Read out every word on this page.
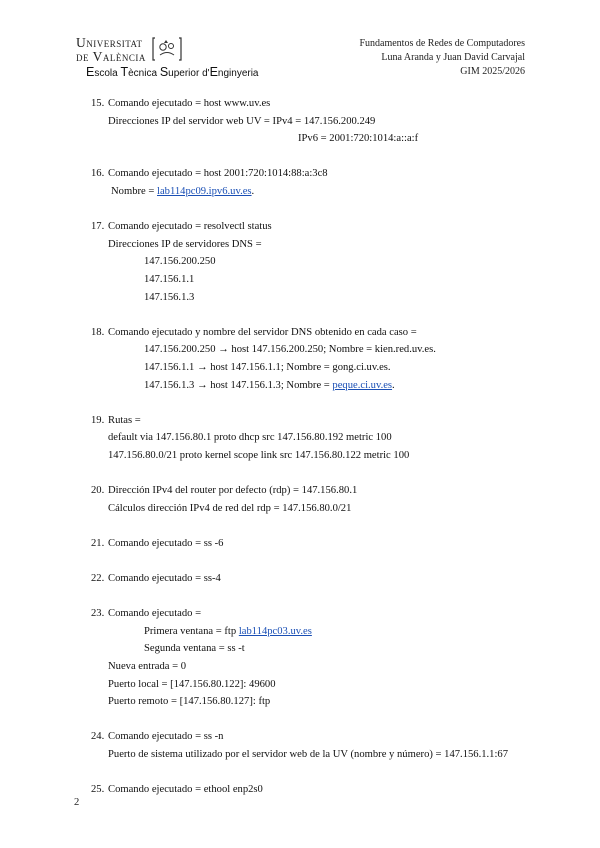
Universitat
de València
Escola Tècnica Superior d'Enginyeria
Fundamentos de Redes de Computadores
Luna Aranda y Juan David Carvajal
GIM 2025/2026
15. Comando ejecutado = host www.uv.es
Direcciones IP del servidor web UV = IPv4 = 147.156.200.249
IPv6 = 2001:720:1014:a::a:f
16. Comando ejecutado = host 2001:720:1014:88:a:3c8
Nombre = lab114pc09.ipv6.uv.es.
17. Comando ejecutado = resolvectl status
Direcciones IP de servidores DNS =
147.156.200.250
147.156.1.1
147.156.1.3
18. Comando ejecutado y nombre del servidor DNS obtenido en cada caso =
147.156.200.250 → host 147.156.200.250; Nombre = kien.red.uv.es.
147.156.1.1 → host 147.156.1.1; Nombre = gong.ci.uv.es.
147.156.1.3 → host 147.156.1.3; Nombre = peque.ci.uv.es.
19. Rutas =
default via 147.156.80.1 proto dhcp src 147.156.80.192 metric 100
147.156.80.0/21 proto kernel scope link src 147.156.80.122 metric 100
20. Dirección IPv4 del router por defecto (rdp) = 147.156.80.1
Cálculos dirección IPv4 de red del rdp = 147.156.80.0/21
21. Comando ejecutado = ss -6
22. Comando ejecutado = ss-4
23. Comando ejecutado =
Primera ventana = ftp lab114pc03.uv.es
Segunda ventana = ss -t
Nueva entrada = 0
Puerto local = [147.156.80.122]: 49600
Puerto remoto = [147.156.80.127]: ftp
24. Comando ejecutado = ss -n
Puerto de sistema utilizado por el servidor web de la UV (nombre y número) = 147.156.1.1:67
25. Comando ejecutado = ethool enp2s0
2
